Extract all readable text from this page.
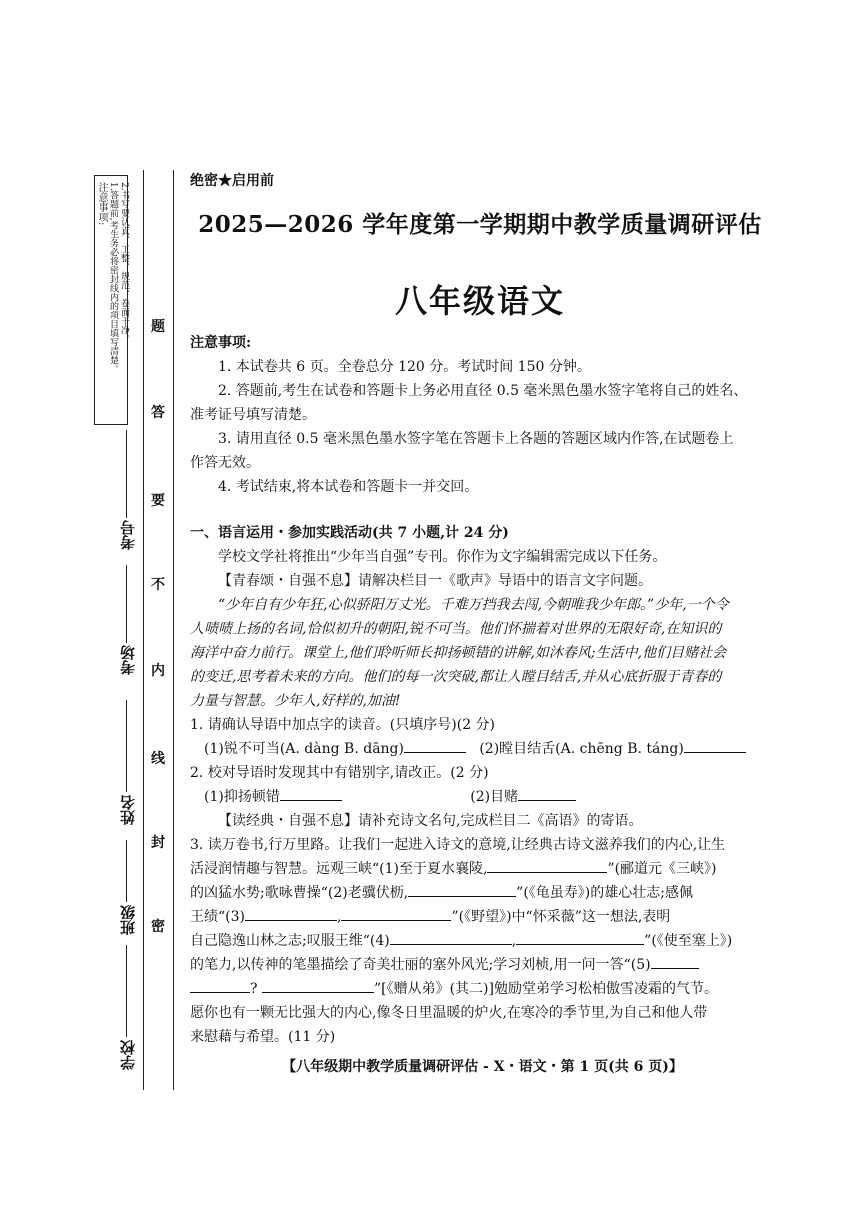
注意事项: 1.答题前,考生务必将密封线内的项目填写清楚。 2.书写要认真、工整、规范、卷面干净。 题
答
要
不
内
线
封
密
考号
考场
姓名
班级
学校
绝密★启用前
2025—2026 学年度第一学期期中教学质量调研评估
八年级语文
注意事项:
1. 本试卷共 6 页。全卷总分 120 分。考试时间 150 分钟。
2. 答题前,考生在试卷和答题卡上务必用直径 0.5 毫米黑色墨水签字笔将自己的姓名、
准考证号填写清楚。
3. 请用直径 0.5 毫米黑色墨水签字笔在答题卡上各题的答题区域内作答,在试题卷上
作答无效。
4. 考试结束,将本试卷和答题卡一并交回。
一、语言运用・参加实践活动(共 7 小题,计 24 分)
学校文学社将推出“少年当自强”专刊。你作为文字编辑需完成以下任务。
【青春颂・自强不息】请解决栏目一《歌声》导语中的语言文字问题。
“少年自有少年狂,心似骄阳万丈光。千难万挡我去闯,今朝唯我少年郎。”少年,一个令
人啧啧上扬的名词,恰似初升的朝阳,锐不可当。他们怀揣着对世界的无限好奇,在知识的
海洋中奋力前行。课堂上,他们聆听师长抑扬顿错的讲解,如沐春风;生活中,他们目赌社会
的变迁,思考着未来的方向。他们的每一次突破,都让人瞠目结舌,并从心底折服于青春的
力量与智慧。少年人,好样的,加油!
1. 请确认导语中加点字的读音。(只填序号)(2 分)
(1)锐不可当(A. dàng B. dāng)	(2)瞠目结舌(A. chēng B. táng)
2. 校对导语时发现其中有错别字,请改正。(2 分)
(1)抑扬顿错	(2)目赌
【读经典・自强不息】请补充诗文名句,完成栏目二《高语》的寄语。
3. 读万卷书,行万里路。让我们一起进入诗文的意境,让经典古诗文滋养我们的内心,让生
活浸润情趣与智慧。远观三峡“(1)至于夏水襄陵,	”(郦道元《三峡》)
的凶猛水势;歌咏曹操“(2)老骥伏枥,	”(《龟虽寿》)的雄心壮志;感佩
王绩“(3)	,	”(《野望》)中“怀采薇”这一想法,表明
自己隐逸山林之志;叹服王维“(4)	,	”(《使至塞上》)
的笔力,以传神的笔墨描绘了奇美壮丽的塞外风光;学习刘桢,用一问一答“(5)
?	”[《赠从弟》(其二)]勉励堂弟学习松柏傲雪凌霜的气节。
愿你也有一颗无比强大的内心,像冬日里温暖的炉火,在寒冷的季节里,为自己和他人带
来慰藉与希望。(11 分)
【八年级期中教学质量调研评估 - X・语文・第 1 页(共 6 页)】
